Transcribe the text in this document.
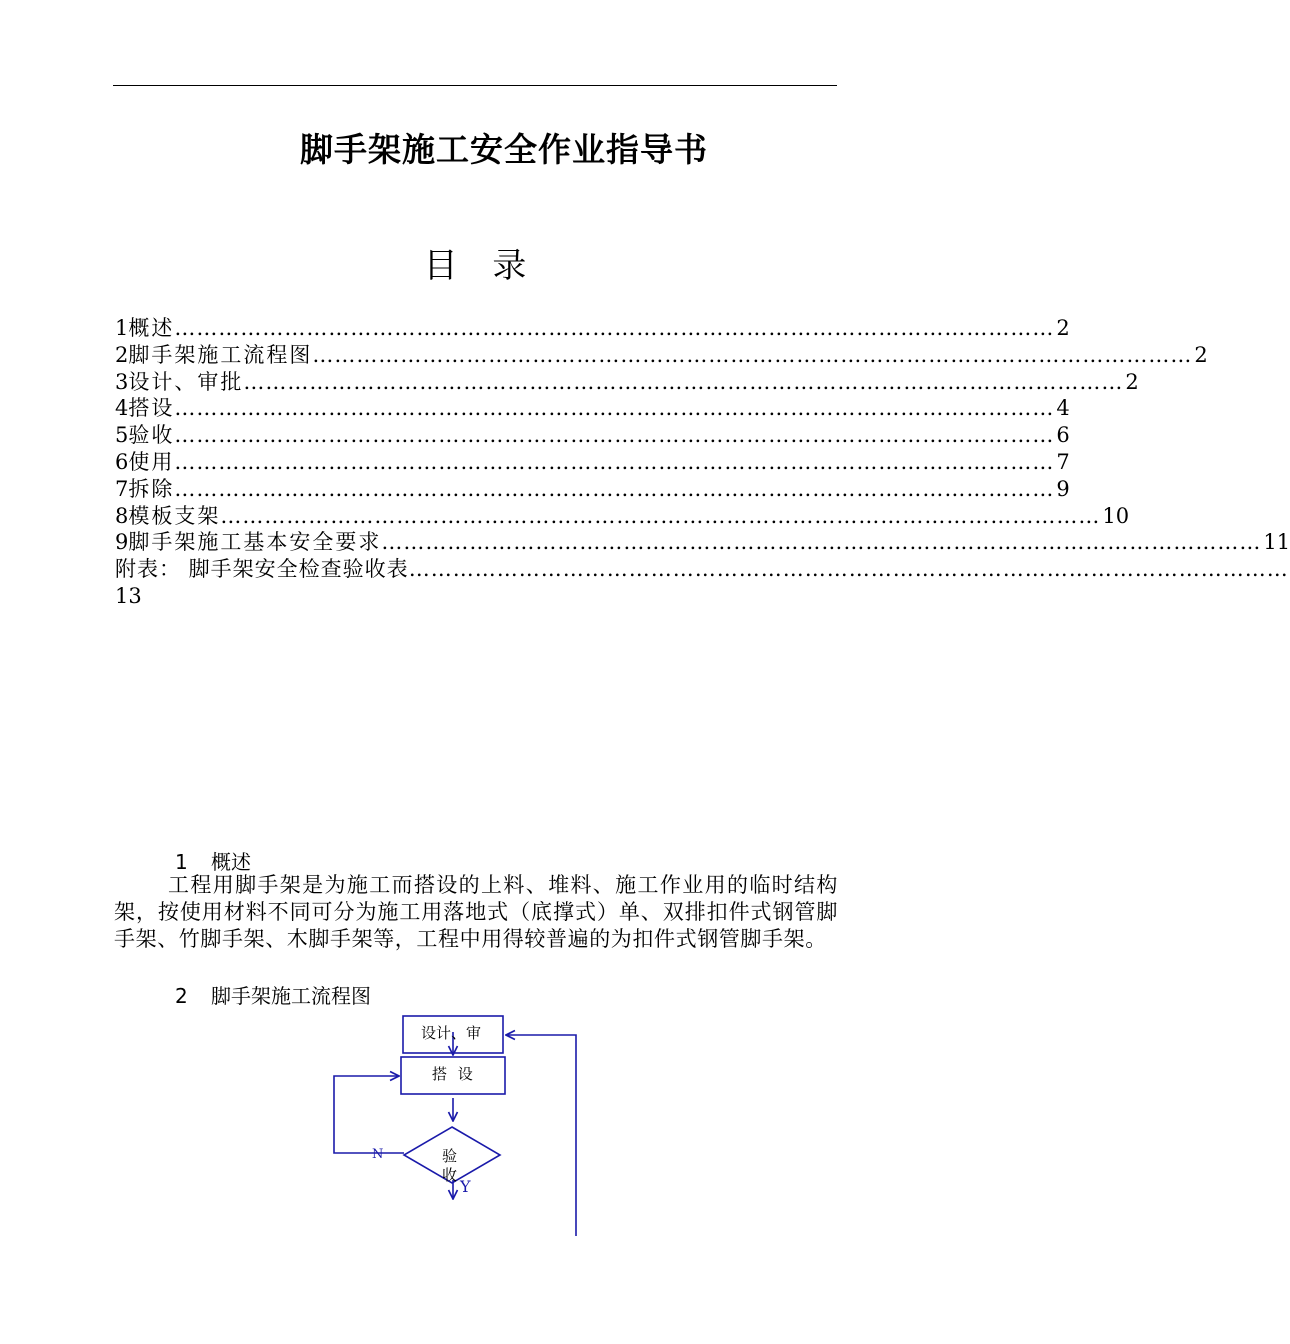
脚手架施工安全作业指导书
目 录
1 概述 ………………………………………………………………………………………………………… 2
2 脚手架施工流程图 ………………………………………………………………………………………………………… 2
3 设计、审批 ………………………………………………………………………………………………………… 2
4 搭设 ………………………………………………………………………………………………………… 4
5 验收 ………………………………………………………………………………………………………… 6
6 使用 ………………………………………………………………………………………………………… 7
7 拆除 ………………………………………………………………………………………………………… 9
8 模板支架 ………………………………………………………………………………………………………… 10
9 脚手架施工基本安全要求 ………………………………………………………………………………………………………… 11
附表： 脚手架安全检查验收表 …………………………………………………………………………………………………………
13
1 概述
工程用脚手架是为施工而搭设的上料、堆料、施工作业用的临时结构架，按使用材料不同可分为施工用落地式（底撑式）单、双排扣件式钢管脚手架、竹脚手架、木脚手架等，工程中用得较普遍的为扣件式钢管脚手架。
2 脚手架施工流程图
设计、审
搭 设
验
收
N
Y
